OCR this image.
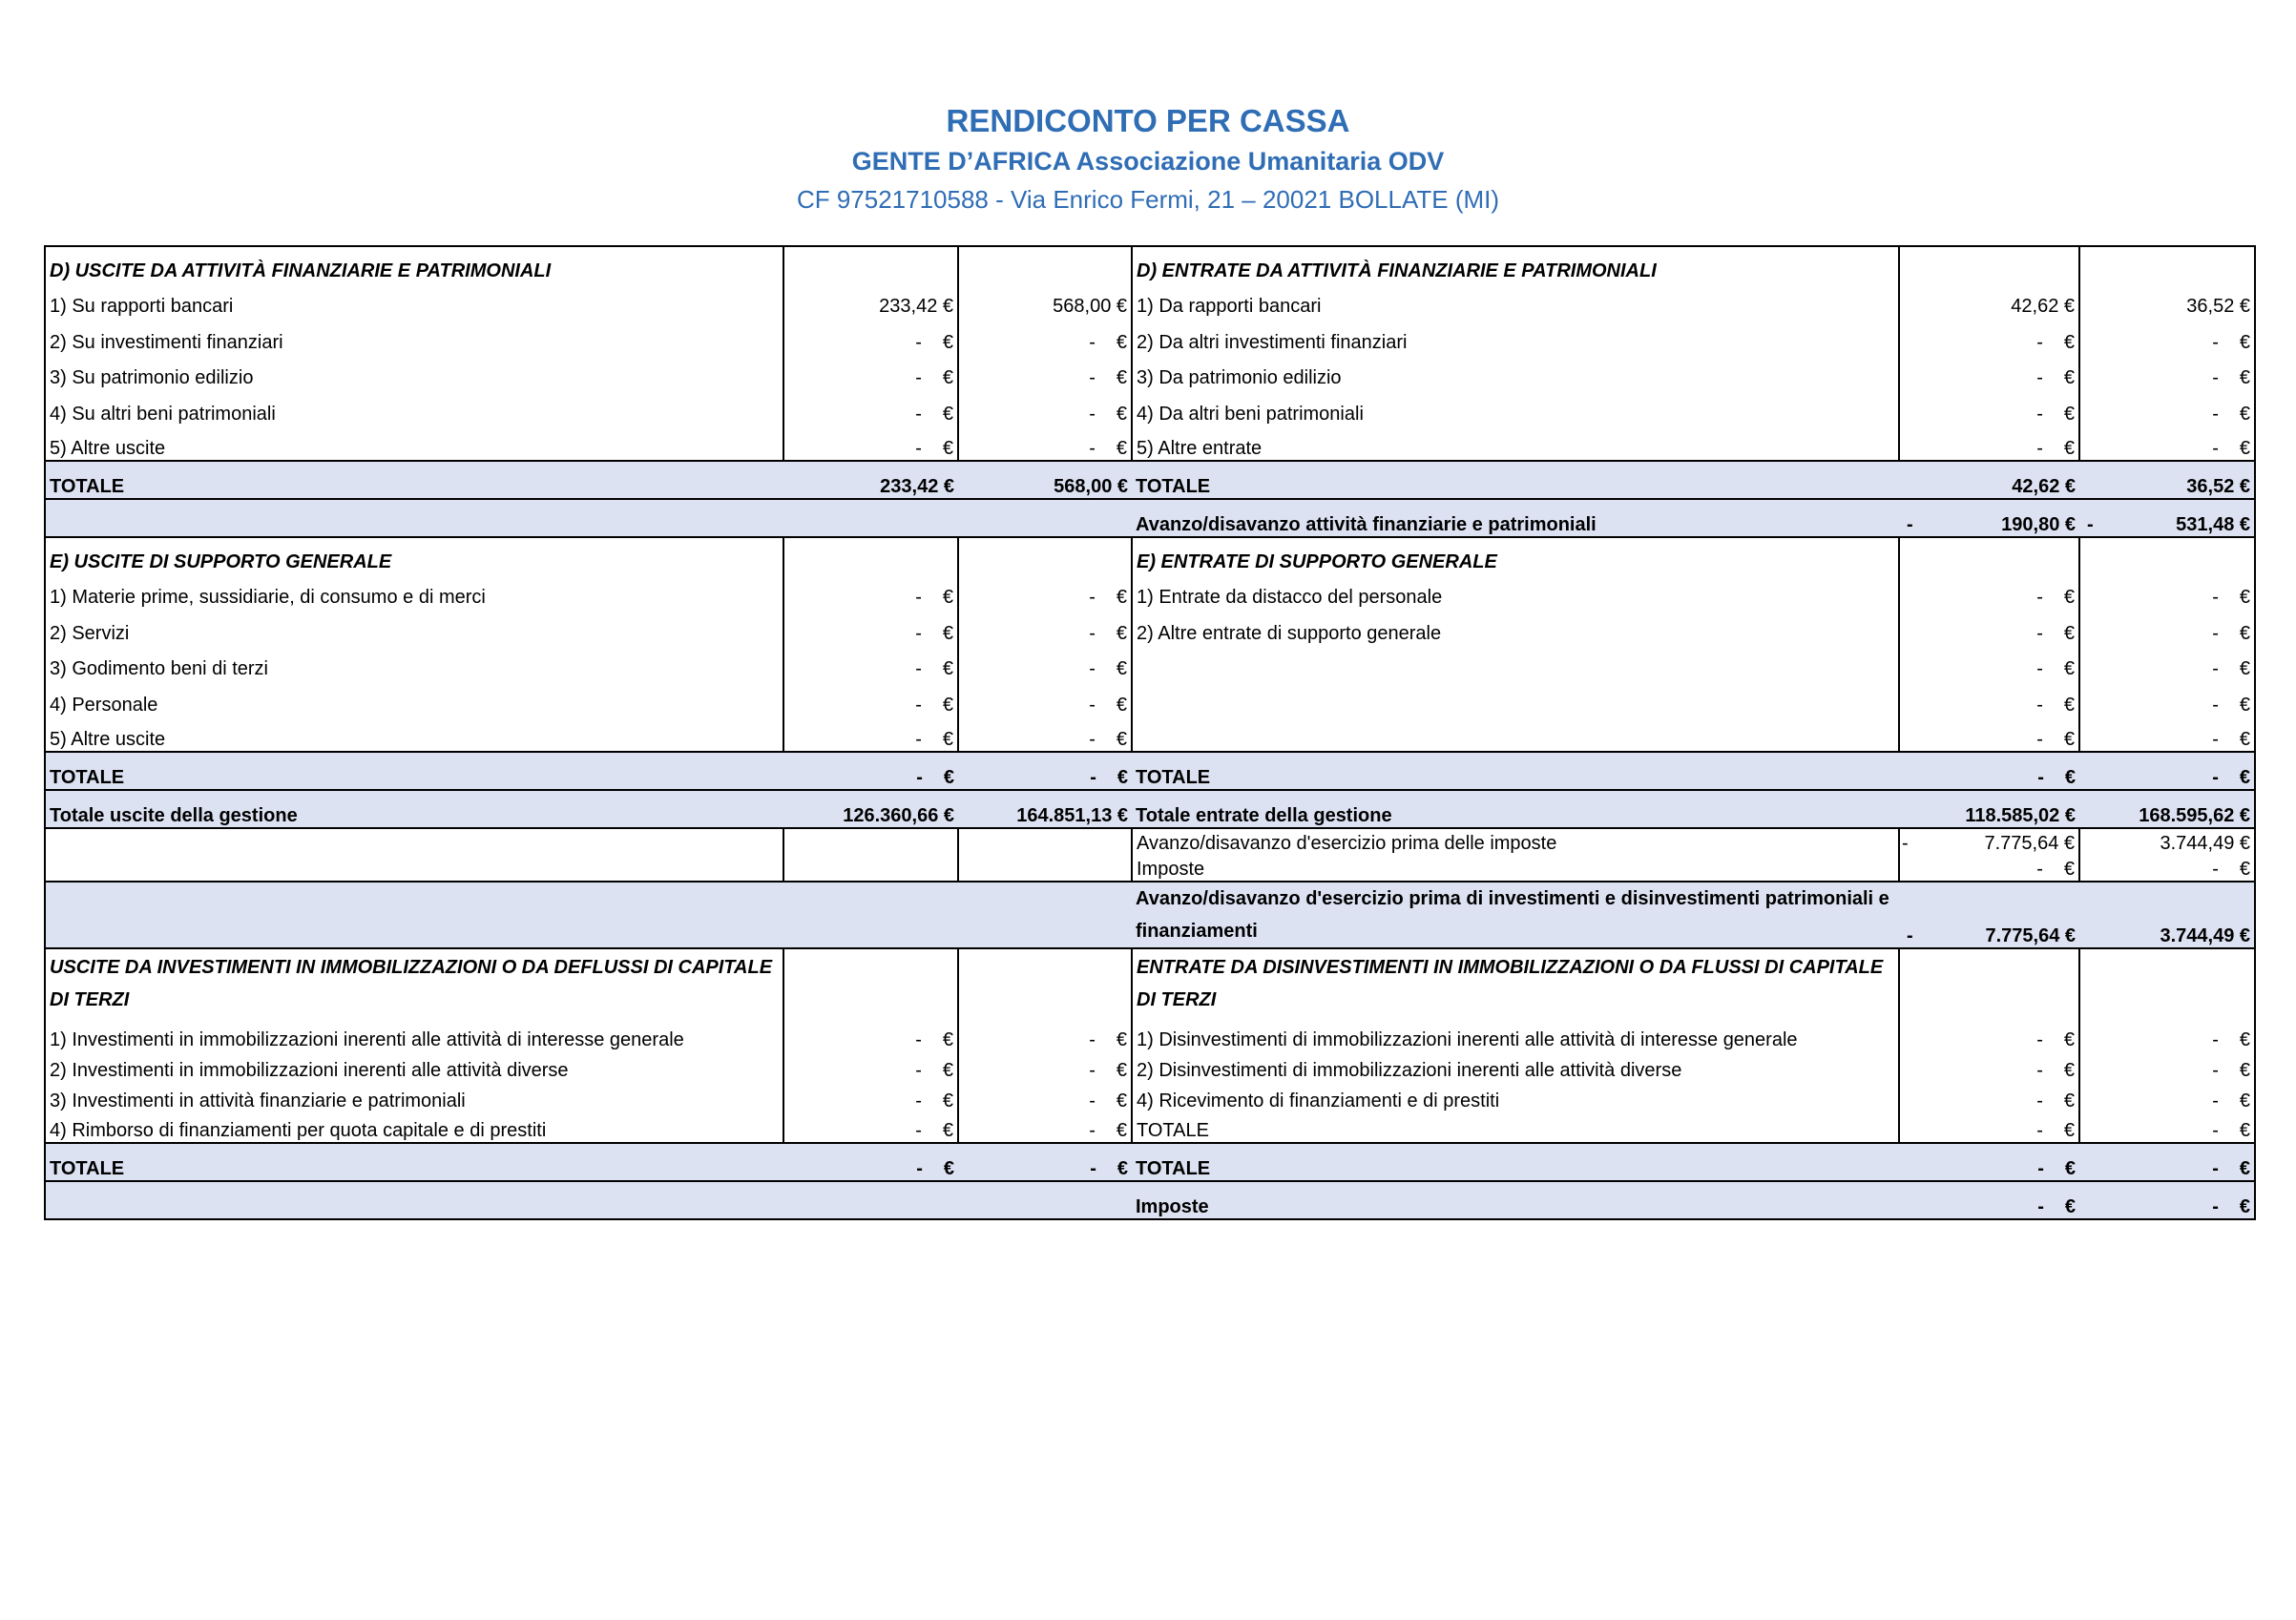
RENDICONTO PER CASSA
GENTE D’AFRICA Associazione Umanitaria ODV
CF 97521710588 - Via Enrico Fermi, 21 – 20021 BOLLATE (MI)
D) USCITE DA ATTIVITÀ FINANZIARIE E PATRIMONIALI			D) ENTRATE DA ATTIVITÀ FINANZIARIE E PATRIMONIALI		
1) Su rapporti bancari	233,42 €	568,00 €	1) Da rapporti bancari	42,62 €	36,52 €
2) Su investimenti finanziari	- €	- €	2) Da altri investimenti finanziari	- €	- €
3) Su patrimonio edilizio	- €	- €	3) Da patrimonio edilizio	- €	- €
4) Su altri beni patrimoniali	- €	- €	4) Da altri beni patrimoniali	- €	- €
5) Altre uscite	- €	- €	5) Altre entrate	- €	- €
TOTALE	233,42 €	568,00 €	TOTALE	42,62 €	36,52 €
			Avanzo/disavanzo attività finanziarie e patrimoniali	- 190,80 €	- 531,48 €
E) USCITE DI SUPPORTO GENERALE			E) ENTRATE DI SUPPORTO GENERALE		
1) Materie prime, sussidiarie, di consumo e di merci	- €	- €	1) Entrate da distacco del personale	- €	- €
2) Servizi	- €	- €	2) Altre entrate di supporto generale	- €	- €
3) Godimento beni di terzi	- €	- €		- €	- €
4) Personale	- €	- €		- €	- €
5) Altre uscite	- €	- €		- €	- €
TOTALE	- €	- €	TOTALE	- €	- €
Totale uscite della gestione	126.360,66 €	164.851,13 €	Totale entrate della gestione	118.585,02 €	168.595,62 €
			Avanzo/disavanzo d'esercizio prima delle imposte	- 7.775,64 €	3.744,49 €
			Imposte	- €	- €
			Avanzo/disavanzo d'esercizio prima di investimenti e disinvestimenti patrimoniali e finanziamenti	- 7.775,64 €	3.744,49 €
USCITE DA INVESTIMENTI IN IMMOBILIZZAZIONI O DA DEFLUSSI DI CAPITALE DI TERZI			ENTRATE DA DISINVESTIMENTI IN IMMOBILIZZAZIONI O DA FLUSSI DI CAPITALE DI TERZI		
1) Investimenti in immobilizzazioni inerenti alle attività di interesse generale	- €	- €	1) Disinvestimenti di immobilizzazioni inerenti alle attività di interesse generale	- €	- €
2) Investimenti in immobilizzazioni inerenti alle attività diverse	- €	- €	2) Disinvestimenti di immobilizzazioni inerenti alle attività diverse	- €	- €
3) Investimenti in attività finanziarie e patrimoniali	- €	- €	4) Ricevimento di finanziamenti e di prestiti	- €	- €
4) Rimborso di finanziamenti per quota capitale e di prestiti	- €	- €	TOTALE	- €	- €
TOTALE	- €	- €	TOTALE	- €	- €
			Imposte	- €	- €
